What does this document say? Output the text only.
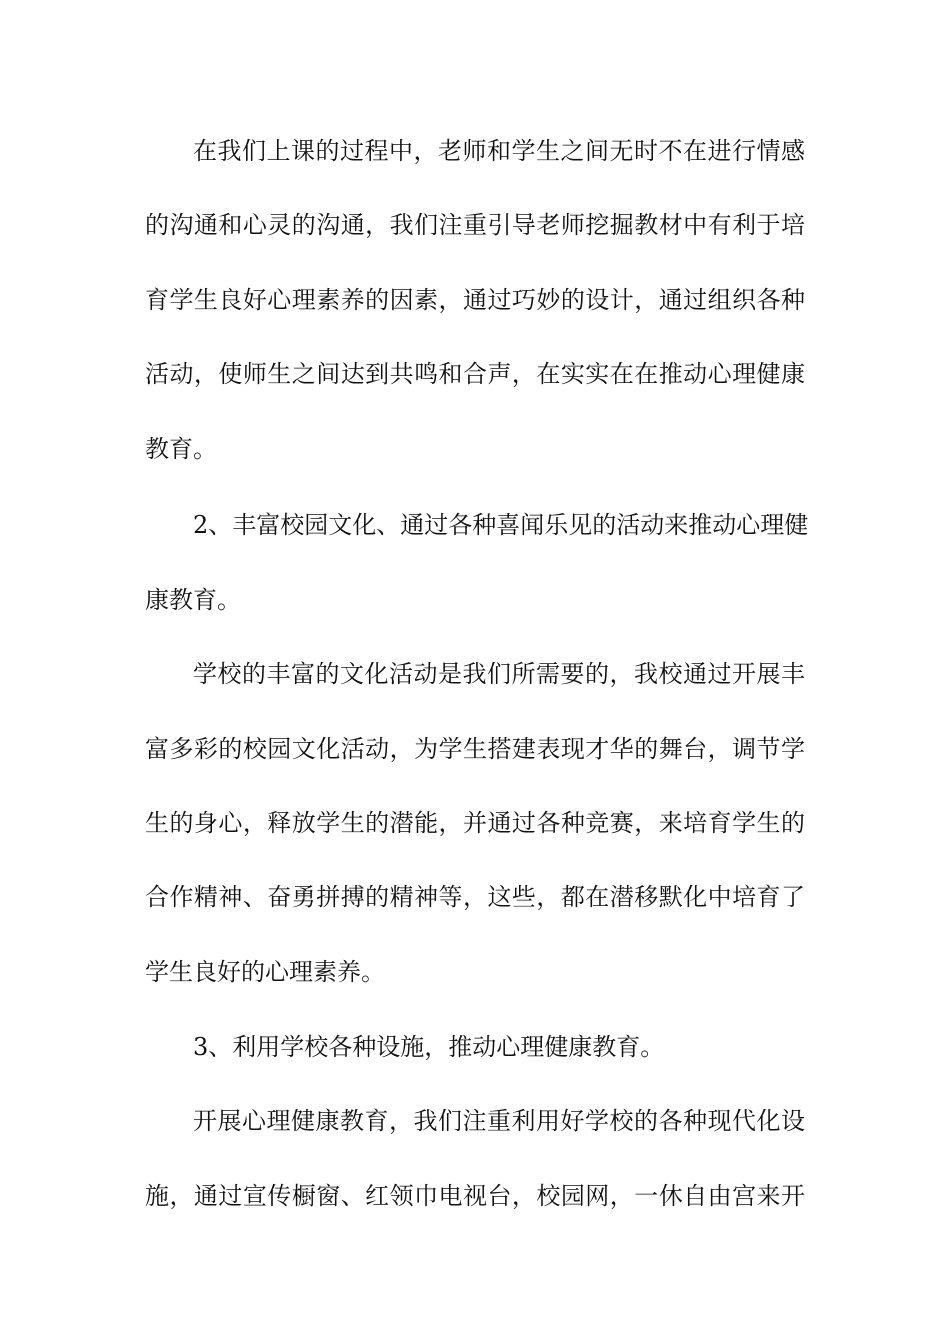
在我们上课的过程中，老师和学生之间无时不在进行情感
的沟通和心灵的沟通，我们注重引导老师挖掘教材中有利于培
育学生良好心理素养的因素，通过巧妙的设计，通过组织各种
活动，使师生之间达到共鸣和合声，在实实在在推动心理健康
教育。
2、丰富校园文化、通过各种喜闻乐见的活动来推动心理健
康教育。
学校的丰富的文化活动是我们所需要的，我校通过开展丰
富多彩的校园文化活动，为学生搭建表现才华的舞台，调节学
生的身心，释放学生的潜能，并通过各种竞赛，来培育学生的
合作精神、奋勇拼搏的精神等，这些，都在潜移默化中培育了
学生良好的心理素养。
3、利用学校各种设施，推动心理健康教育。
开展心理健康教育，我们注重利用好学校的各种现代化设
施，通过宣传橱窗、红领巾电视台，校园网，一休自由宫来开
